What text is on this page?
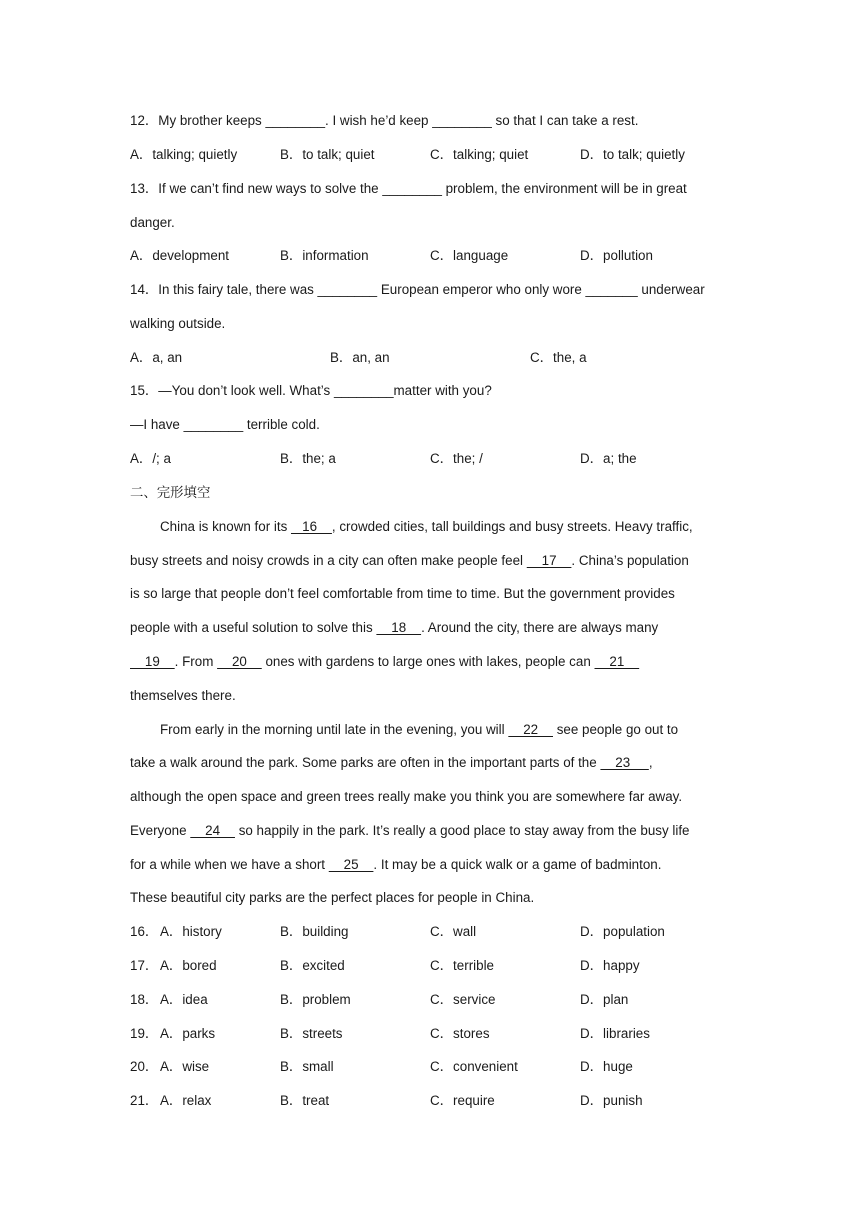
12．My brother keeps ________. I wish he’d keep ________ so that I can take a rest.
A．talking; quietly	B．to talk; quiet	C．talking; quiet	D．to talk; quietly
13．If we can’t find new ways to solve the ________ problem, the environment will be in great
danger.
A．development	B．information	C．language	D．pollution
14．In this fairy tale, there was ________ European emperor who only wore _______ underwear
walking outside.
A．a, an	B．an, an	C．the, a
15．—You don’t look well. What’s ________matter with you?
—I have ________ terrible cold.
A．/; a	B．the; a	C．the; /	D．a; the
二、完形填空
China is known for its    16    , crowded cities, tall buildings and busy streets. Heavy traffic,
busy streets and noisy crowds in a city can often make people feel     17    . China’s population
is so large that people don’t feel comfortable from time to time. But the government provides
people with a useful solution to solve this     18    . Around the city, there are always many
19    . From     20     ones with gardens to large ones with lakes, people can     21
themselves there.
From early in the morning until late in the evening, you will     22     see people go out to
take a walk around the park. Some parks are often in the important parts of the     23     ,
although the open space and green trees really make you think you are somewhere far away.
Everyone     24     so happily in the park. It’s really a good place to stay away from the busy life
for a while when we have a short     25    . It may be a quick walk or a game of badminton.
These beautiful city parks are the perfect places for people in China.
16． A．history	B．building	C．wall	D．population
17． A．bored	B．excited	C．terrible	D．happy
18． A．idea	B．problem	C．service	D．plan
19． A．parks	B．streets	C．stores	D．libraries
20． A．wise	B．small	C．convenient	D．huge
21． A．relax	B．treat	C．require	D．punish
